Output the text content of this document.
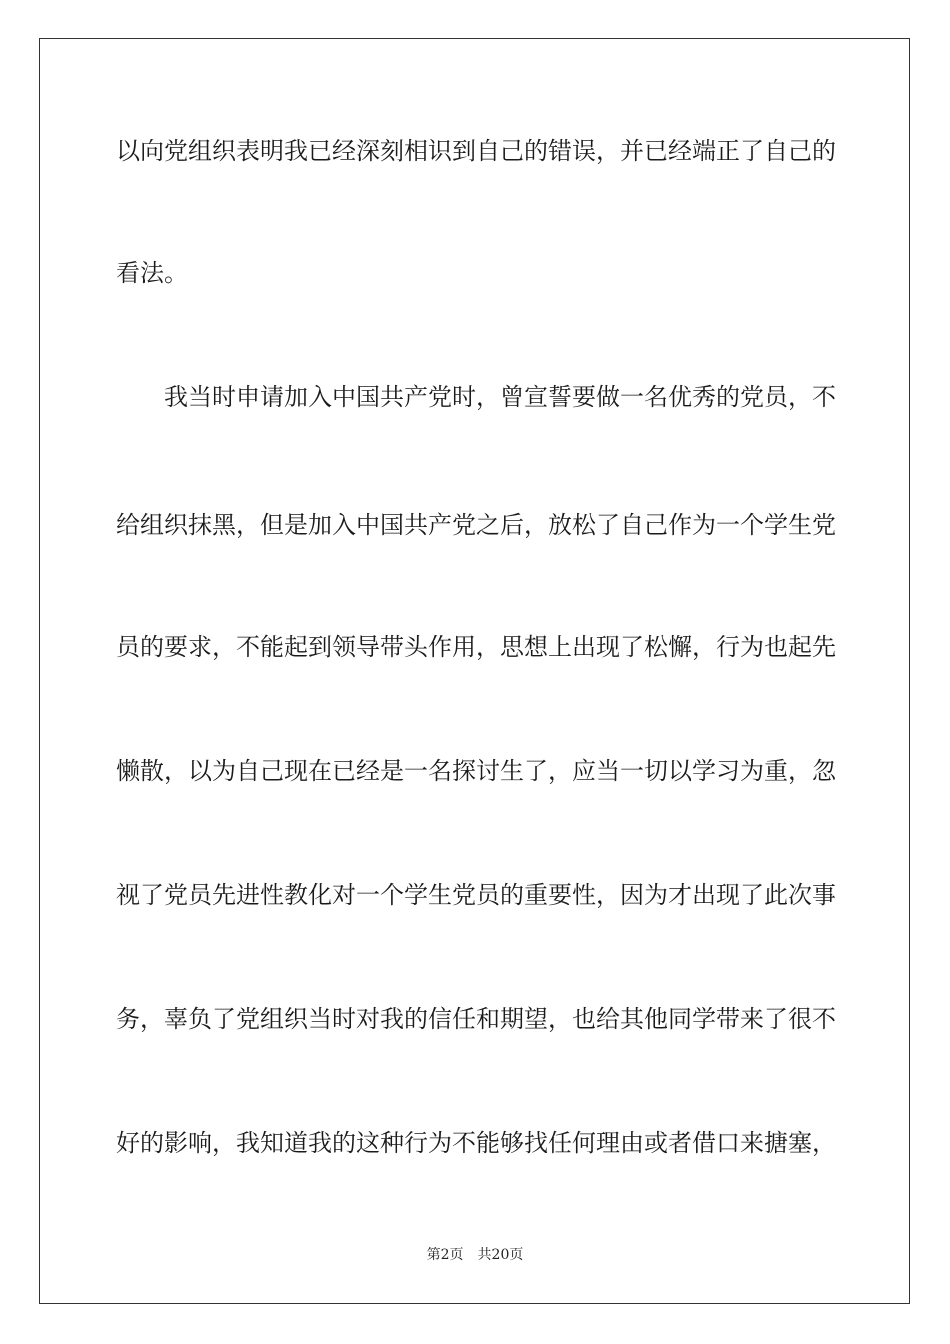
以向党组织表明我已经深刻相识到自己的错误，并已经端正了自己的
看法。
我当时申请加入中国共产党时，曾宣誓要做一名优秀的党员，不
给组织抹黑，但是加入中国共产党之后，放松了自己作为一个学生党
员的要求，不能起到领导带头作用，思想上出现了松懈，行为也起先
懒散，以为自己现在已经是一名探讨生了，应当一切以学习为重，忽
视了党员先进性教化对一个学生党员的重要性，因为才出现了此次事
务，辜负了党组织当时对我的信任和期望，也给其他同学带来了很不
好的影响，我知道我的这种行为不能够找任何理由或者借口来搪塞，
第2页 共20页
